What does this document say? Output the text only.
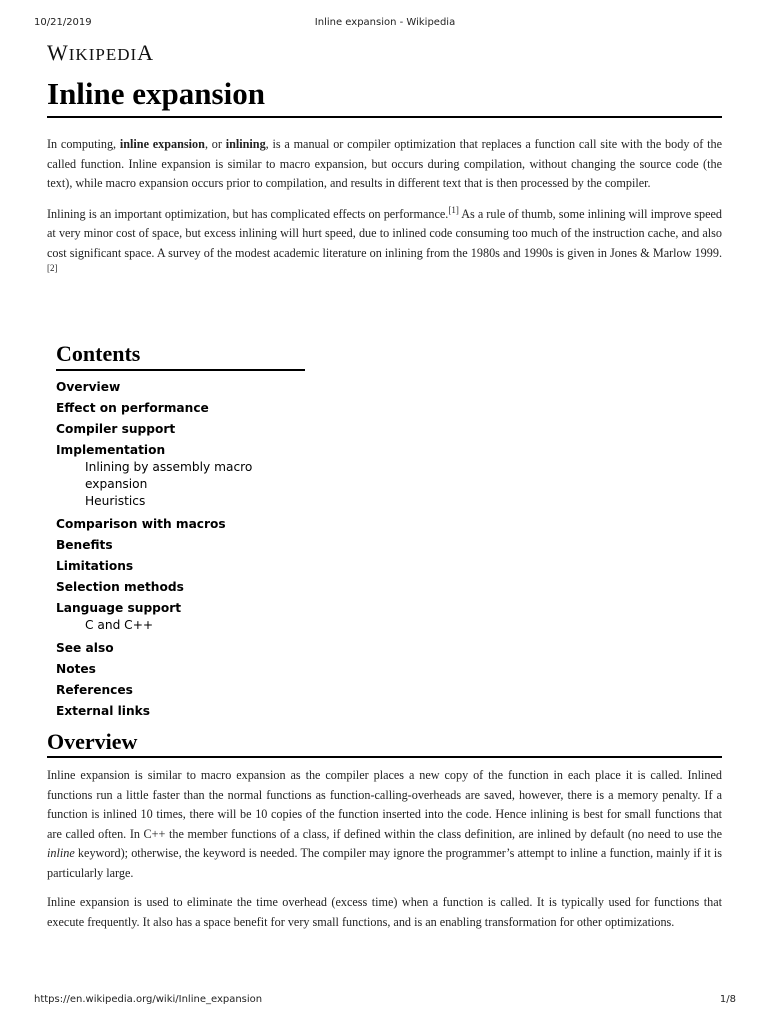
10/21/2019	Inline expansion - Wikipedia
WIKIPEDIA
Inline expansion

In computing, inline expansion, or inlining, is a manual or compiler optimization that replaces a function call site with the body of the called function. Inline expansion is similar to macro expansion, but occurs during compilation, without changing the source code (the text), while macro expansion occurs prior to compilation, and results in different text that is then processed by the compiler.

Inlining is an important optimization, but has complicated effects on performance.[1] As a rule of thumb, some inlining will improve speed at very minor cost of space, but excess inlining will hurt speed, due to inlined code consuming too much of the instruction cache, and also cost significant space. A survey of the modest academic literature on inlining from the 1980s and 1990s is given in Jones & Marlow 1999.[2]

Contents
Overview
Effect on performance
Compiler support
Implementation
Inlining by assembly macro expansion
Heuristics
Comparison with macros
Benefits
Limitations
Selection methods
Language support
C and C++
See also
Notes
References
External links
Overview

Inline expansion is similar to macro expansion as the compiler places a new copy of the function in each place it is called. Inlined functions run a little faster than the normal functions as function-calling-overheads are saved, however, there is a memory penalty. If a function is inlined 10 times, there will be 10 copies of the function inserted into the code. Hence inlining is best for small functions that are called often. In C++ the member functions of a class, if defined within the class definition, are inlined by default (no need to use the inline keyword); otherwise, the keyword is needed. The compiler may ignore the programmer’s attempt to inline a function, mainly if it is particularly large.

Inline expansion is used to eliminate the time overhead (excess time) when a function is called. It is typically used for functions that execute frequently. It also has a space benefit for very small functions, and is an enabling transformation for other optimizations.

https://en.wikipedia.org/wiki/Inline_expansion	1/8
